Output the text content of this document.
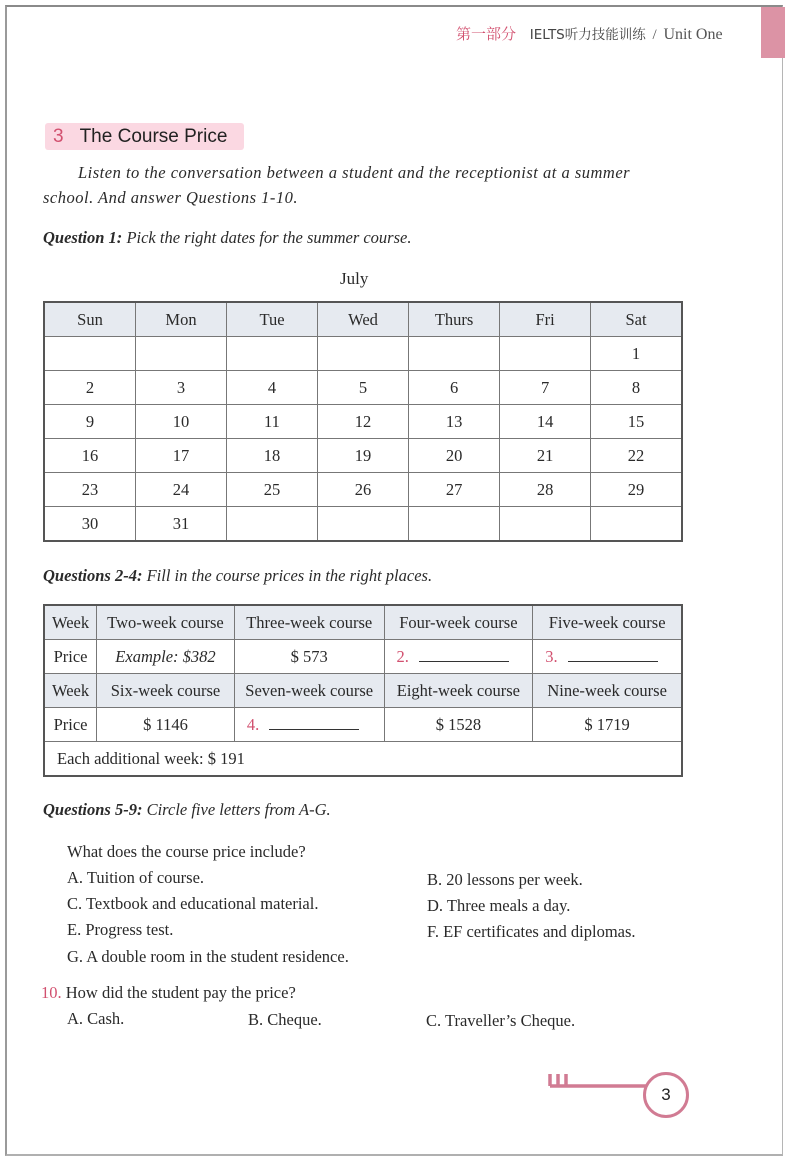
第一部分 IELTS听力技能训练 / Unit One
3 The Course Price
Listen to the conversation between a student and the receptionist at a summer
school. And answer Questions 1-10.
Question 1: Pick the right dates for the summer course.
July
Sun	Mon	Tue	Wed	Thurs	Fri	Sat
						1
2	3	4	5	6	7	8
9	10	11	12	13	14	15
16	17	18	19	20	21	22
23	24	25	26	27	28	29
30	31					
Questions 2-4: Fill in the course prices in the right places.
Week	Two-week course	Three-week course	Four-week course	Five-week course
Price	Example: $382	$ 573	2.	3.
Week	Six-week course	Seven-week course	Eight-week course	Nine-week course
Price	$ 1146	4.	$ 1528	$ 1719
Each additional week: $ 191				
Questions 5-9: Circle five letters from A-G.
What does the course price include?
A. Tuition of course.	B. 20 lessons per week.
C. Textbook and educational material.	D. Three meals a day.
E. Progress test.	F. EF certificates and diplomas.
G. A double room in the student residence.
10. How did the student pay the price?
A. Cash.	B. Cheque.	C. Traveller’s Cheque.
3
